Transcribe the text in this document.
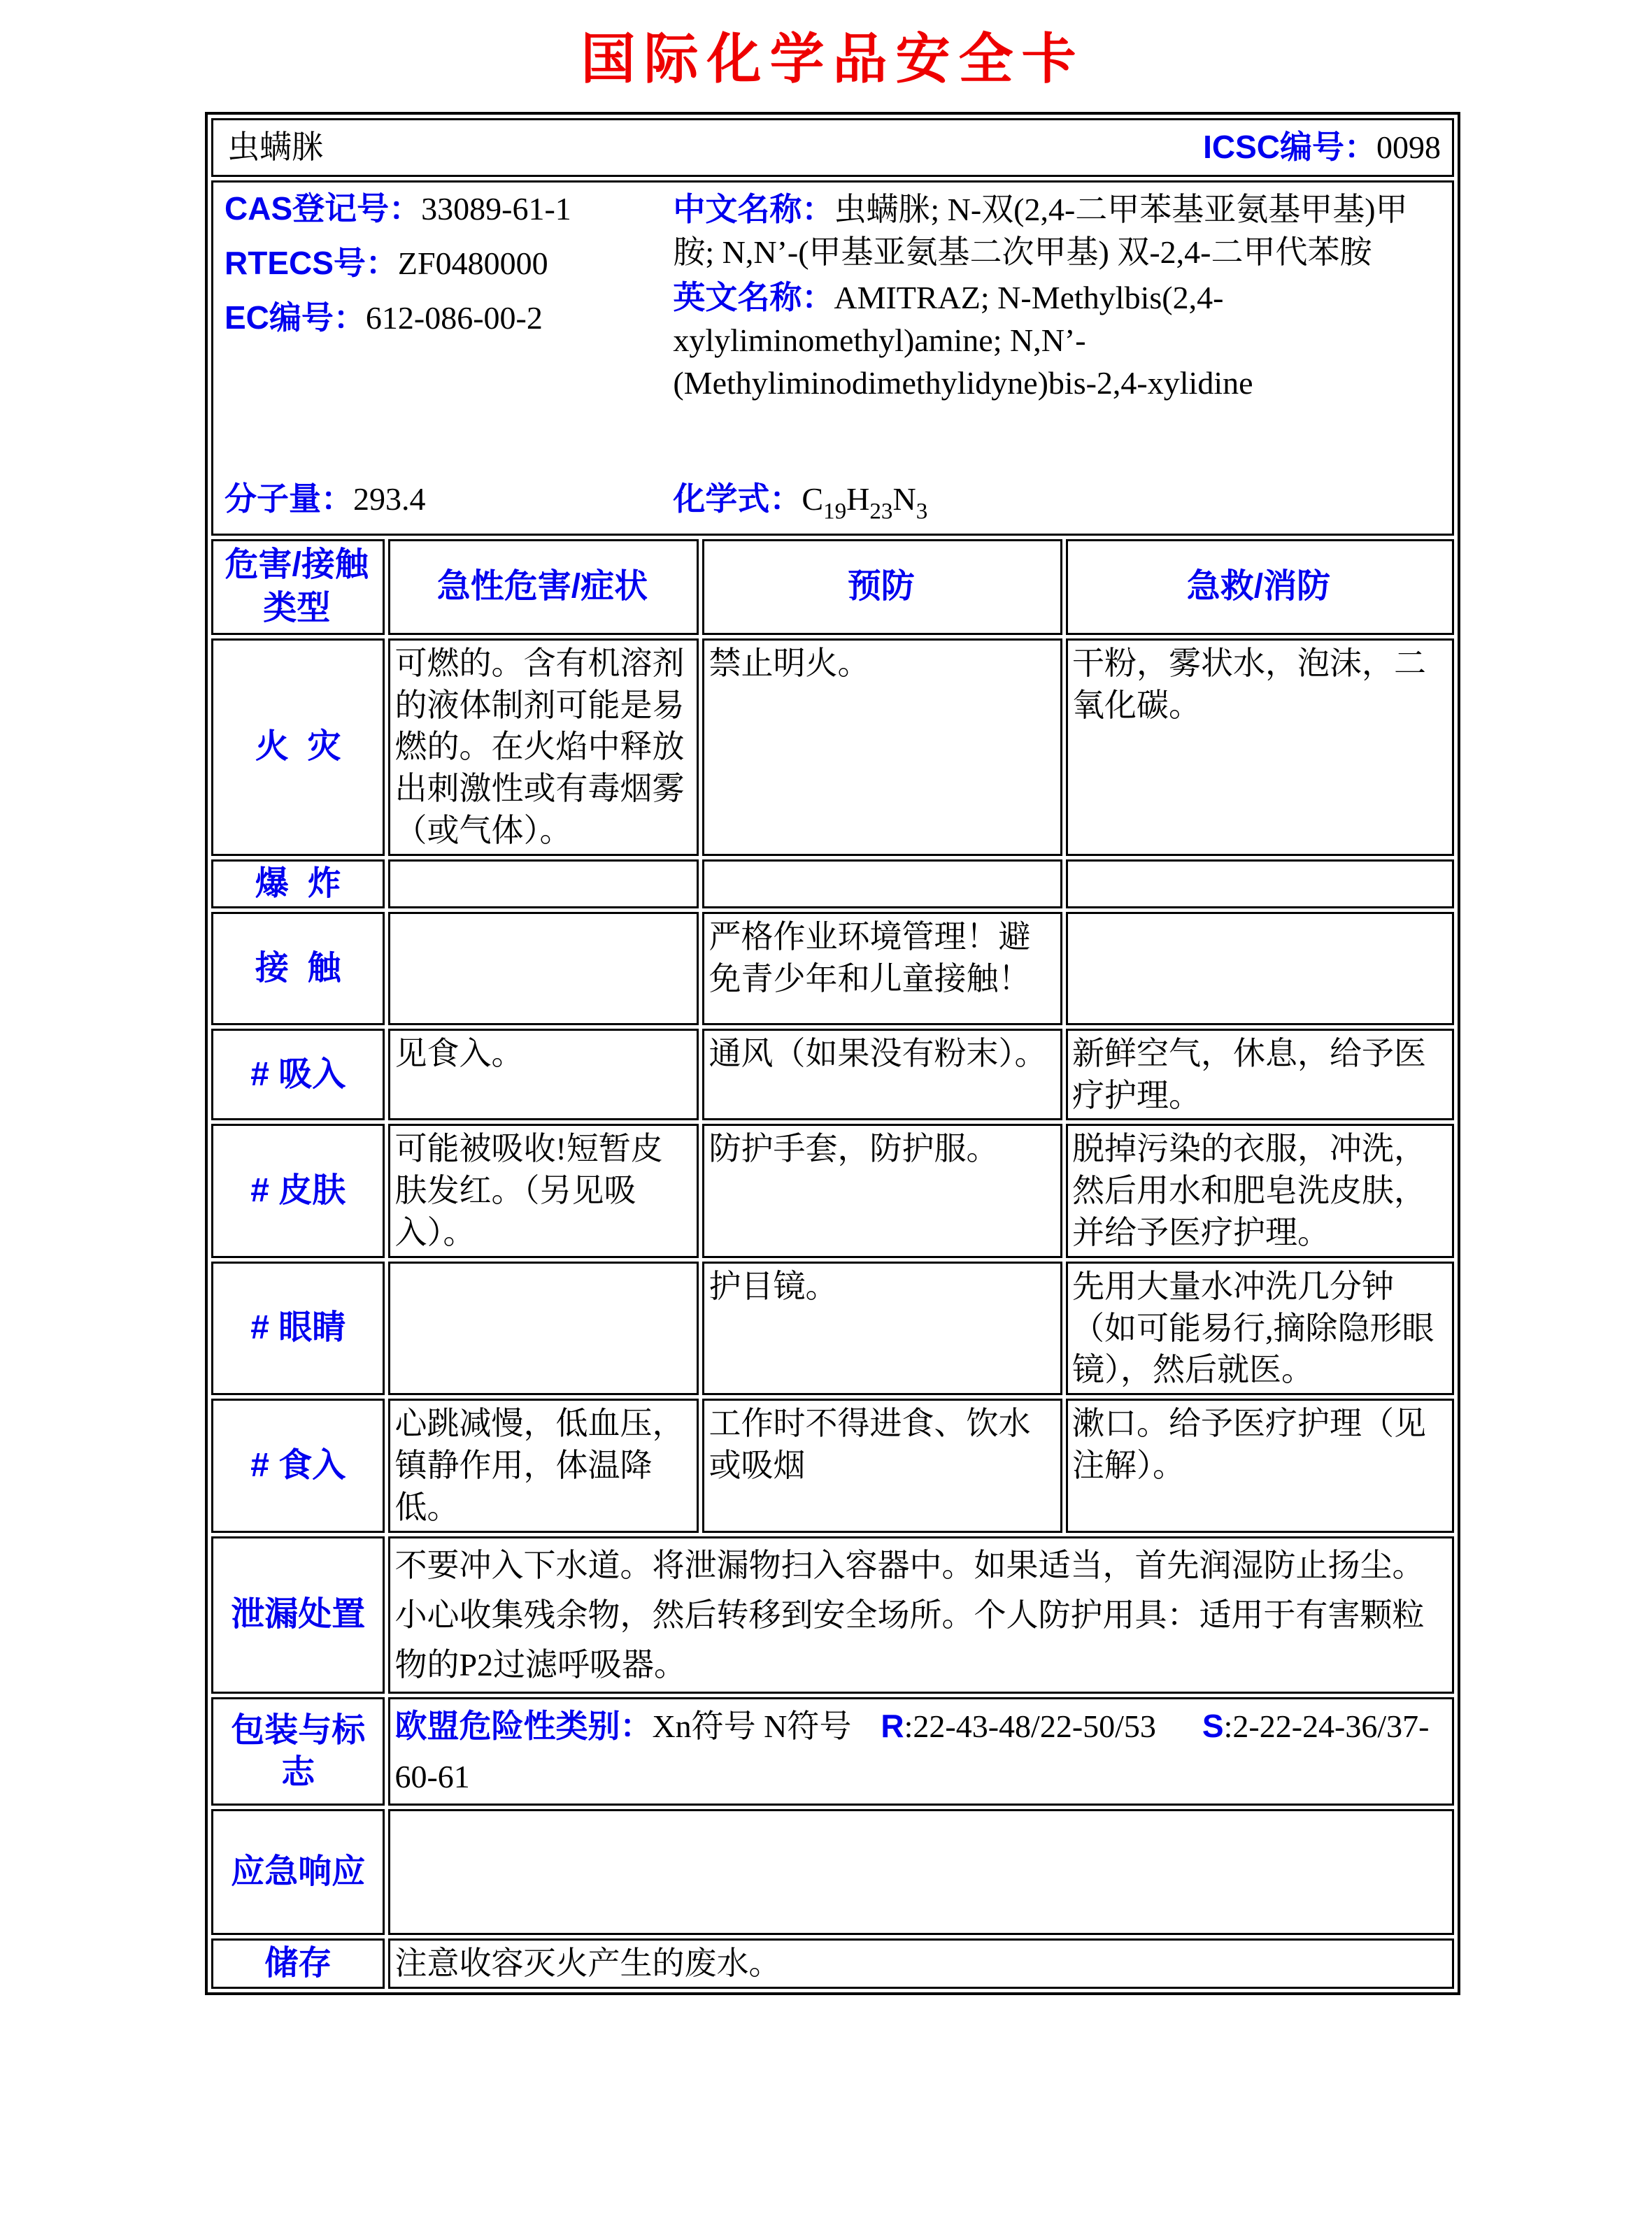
国际化学品安全卡
虫螨脒 ICSC编号：0098			

CAS登记号：33089-61-1

RTECS号：ZF0480000

EC编号：612-086-00-2

中文名称：虫螨脒; N-双(2,4-二甲苯基亚氨基甲基)甲胺; N,N’-(甲基亚氨基二次甲基) 双-2,4-二甲代苯胺

英文名称：AMITRAZ; N-Methylbis(2,4-xylyliminomethyl)amine; N,N’-(Methyliminodimethylidyne)bis-2,4-xylidine

分子量：293.4	化学式：$C_{19}H_{23}N_3$

危害/接触类型	急性危害/症状	预防	急救/消防
火  灾	可燃的。含有机溶剂的液体制剂可能是易燃的。在火焰中释放出刺激性或有毒烟雾（或气体）。	禁止明火。	干粉，雾状水，泡沫，二氧化碳。
爆  炸			
接  触		严格作业环境管理！避免青少年和儿童接触！	
# 吸入	见食入。	通风（如果没有粉末）。	新鲜空气，休息，给予医疗护理。
# 皮肤	可能被吸收!短暂皮肤发红。（另见吸入）。	防护手套，防护服。	脱掉污染的衣服，冲洗，然后用水和肥皂洗皮肤，并给予医疗护理。
# 眼睛		护目镜。	先用大量水冲洗几分钟（如可能易行,摘除隐形眼镜），然后就医。
# 食入	心跳减慢，低血压，镇静作用，体温降低。	工作时不得进食、饮水或吸烟	漱口。给予医疗护理（见注解）。
泄漏处置	不要冲入下水道。将泄漏物扫入容器中。如果适当，首先润湿防止扬尘。小心收集残余物，然后转移到安全场所。个人防护用具：适用于有害颗粒物的P2过滤呼吸器。		
包装与标志	欧盟危险性类别：Xn符号 N符号 R:22-43-48/22-50/53 S:2-22-24-36/37-60-61		
应急响应			
储存	注意收容灭火产生的废水。		
